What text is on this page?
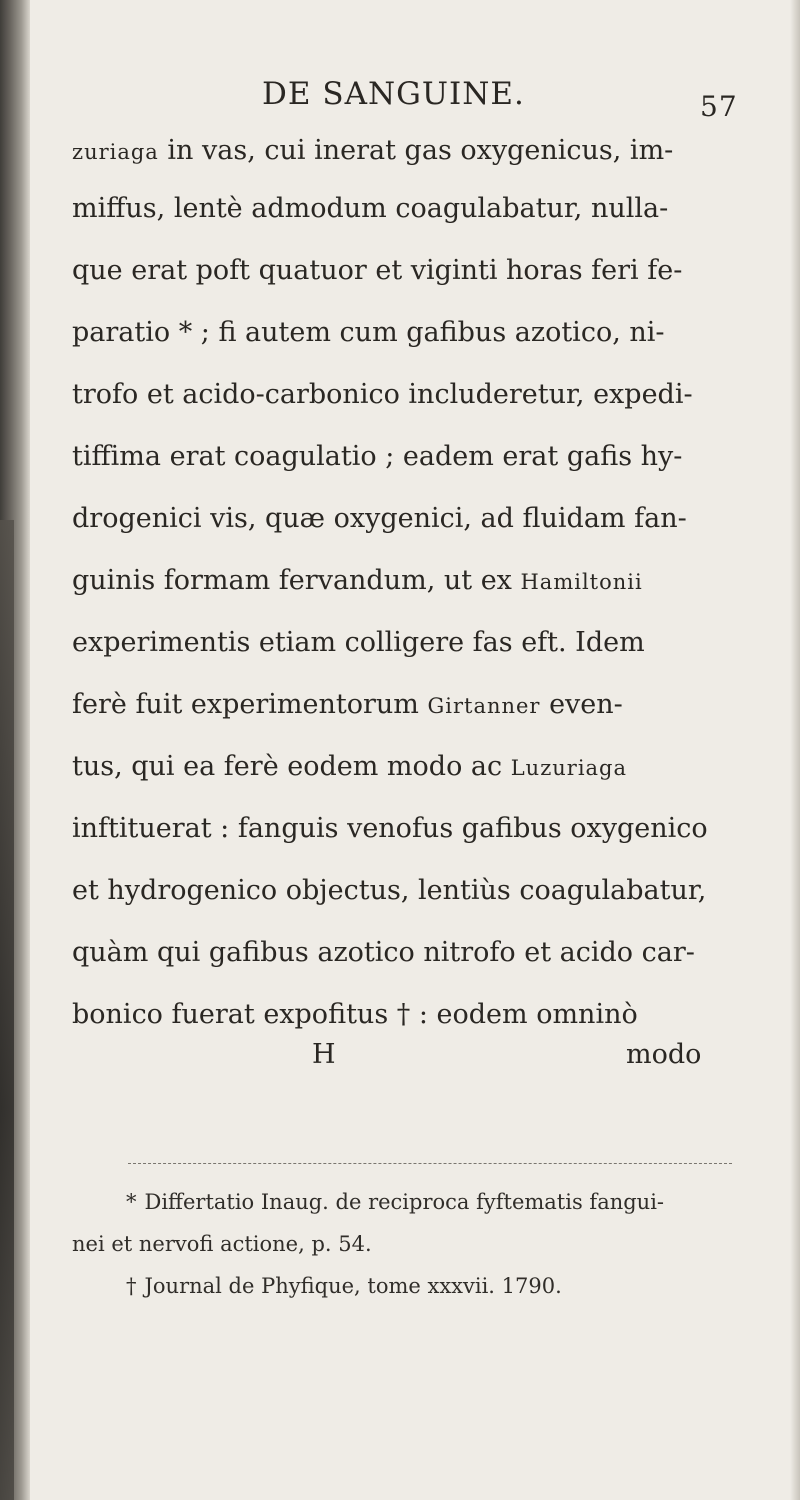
DE SANGUINE.	57
zuriaga in vas, cui inerat gas oxygenicus, im-
miffus, lentè admodum coagulabatur, nulla-
que erat poft quatuor et viginti horas feri fe-
paratio * ; fi autem cum gafibus azotico, ni-
trofo et acido-carbonico includeretur, expedi-
tiffima erat coagulatio ; eadem erat gafis hy-
drogenici vis, quæ oxygenici, ad fluidam fan-
guinis formam fervandum, ut ex Hamiltonii
experimentis etiam colligere fas eft. Idem
ferè fuit experimentorum Girtanner even-
tus, qui ea ferè eodem modo ac Luzuriaga
inftituerat : fanguis venofus gafibus oxygenico
et hydrogenico objectus, lentiùs coagulabatur,
quàm qui gafibus azotico nitrofo et acido car-
bonico fuerat expofitus † : eodem omninò
H	modo
* Differtatio Inaug. de reciproca fyftematis fangui-
nei et nervofi actione, p. 54.
† Journal de Phyfique, tome xxxvii. 1790.
